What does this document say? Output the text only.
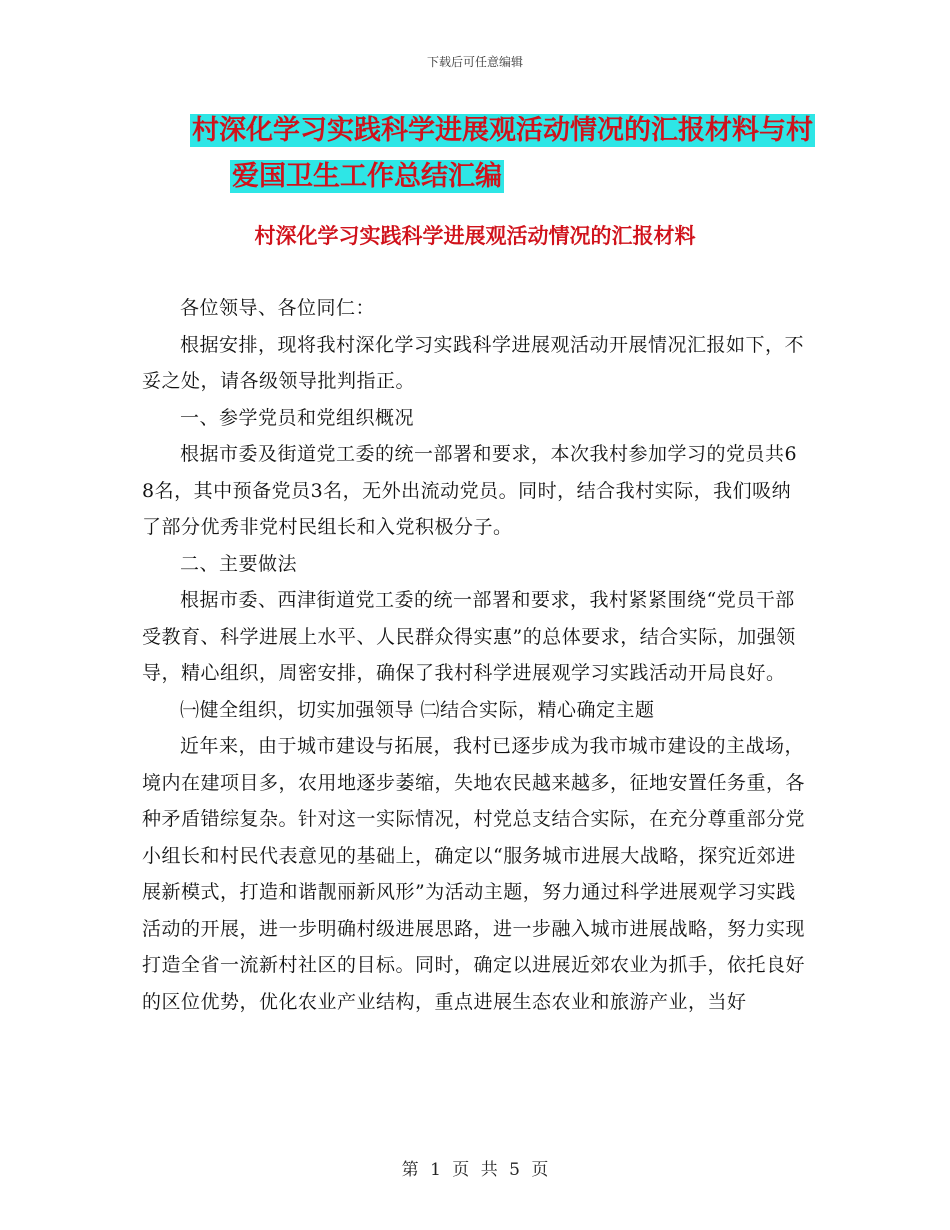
下载后可任意编辑
村深化学习实践科学进展观活动情况的汇报材料与村
爱国卫生工作总结汇编
村深化学习实践科学进展观活动情况的汇报材料

各位领导、各位同仁：

根据安排，现将我村深化学习实践科学进展观活动开展情况汇报如下，不妥之处，请各级领导批判指正。

一、参学党员和党组织概况

根据市委及街道党工委的统一部署和要求，本次我村参加学习的党员共68名，其中预备党员3名，无外出流动党员。同时，结合我村实际，我们吸纳了部分优秀非党村民组长和入党积极分子。

二、主要做法

根据市委、西津街道党工委的统一部署和要求，我村紧紧围绕“党员干部受教育、科学进展上水平、人民群众得实惠”的总体要求，结合实际，加强领导，精心组织，周密安排，确保了我村科学进展观学习实践活动开局良好。

㈠健全组织，切实加强领导 ㈡结合实际，精心确定主题

近年来，由于城市建设与拓展，我村已逐步成为我市城市建设的主战场，境内在建项目多，农用地逐步萎缩，失地农民越来越多，征地安置任务重，各种矛盾错综复杂。针对这一实际情况，村党总支结合实际，在充分尊重部分党小组长和村民代表意见的基础上，确定以“服务城市进展大战略，探究近郊进展新模式，打造和谐靓丽新风形”为活动主题，努力通过科学进展观学习实践活动的开展，进一步明确村级进展思路，进一步融入城市进展战略，努力实现打造全省一流新村社区的目标。同时，确定以进展近郊农业为抓手，依托良好的区位优势，优化农业产业结构，重点进展生态农业和旅游产业，当好

第 1 页 共 5 页
